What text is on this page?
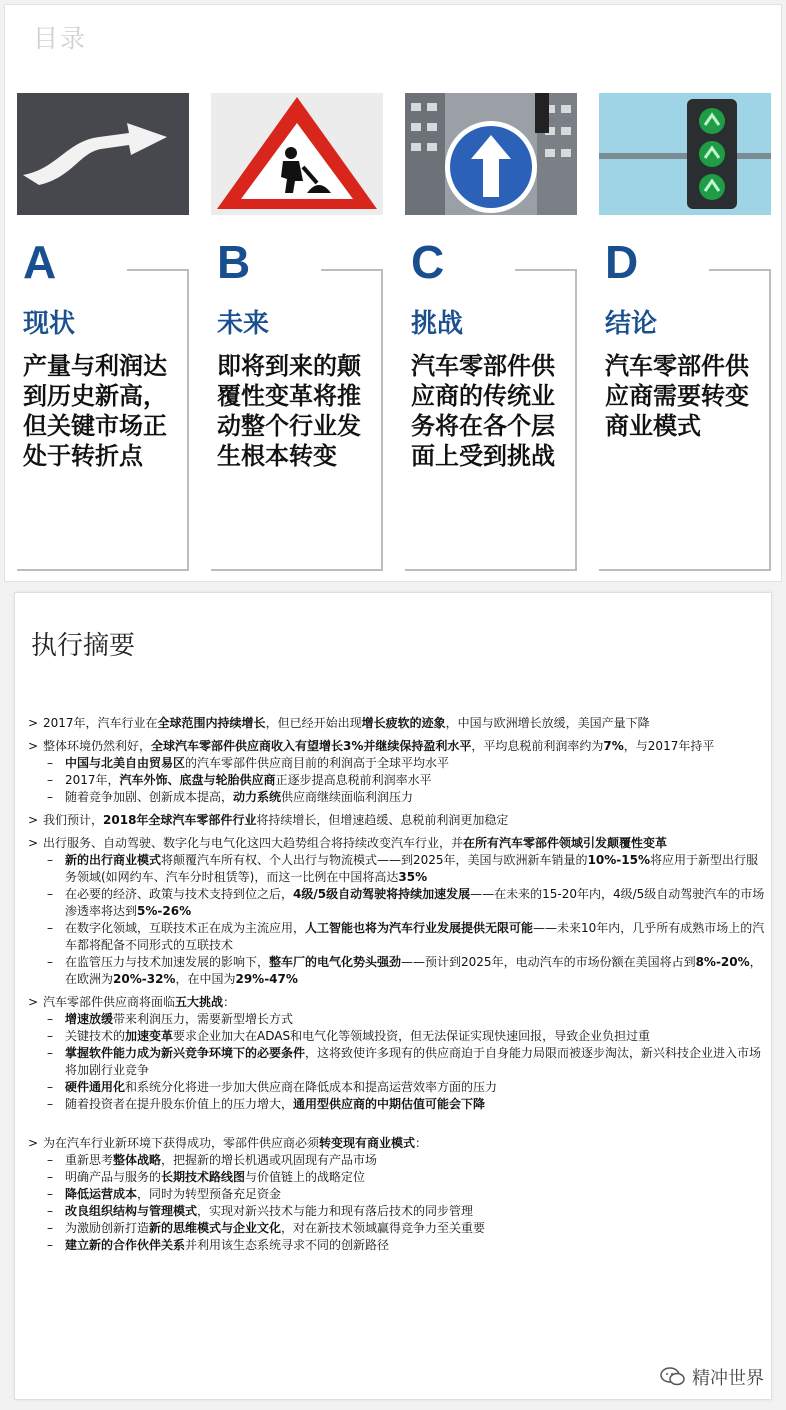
目录
A
现状
产量与利润达到历史新高，但关键市场正处于转折点
B
未来
即将到来的颠覆性变革将推动整个行业发生根本转变
C
挑战
汽车零部件供应商的传统业务将在各个层面上受到挑战
D
结论
汽车零部件供应商需要转变商业模式
执行摘要
> 2017年，汽车行业在全球范围内持续增长，但已经开始出现增长疲软的迹象，中国与欧洲增长放缓，美国产量下降
> 整体环境仍然利好，全球汽车零部件供应商收入有望增长3%并继续保持盈利水平，平均息税前利润率约为7%，与2017年持平
– 中国与北美自由贸易区的汽车零部件供应商目前的利润高于全球平均水平
– 2017年，汽车外饰、底盘与轮胎供应商正逐步提高息税前利润率水平
– 随着竞争加剧、创新成本提高，动力系统供应商继续面临利润压力
> 我们预计，2018年全球汽车零部件行业将持续增长，但增速趋缓、息税前利润更加稳定
> 出行服务、自动驾驶、数字化与电气化这四大趋势组合将持续改变汽车行业，并在所有汽车零部件领域引发颠覆性变革
– 新的出行商业模式将颠覆汽车所有权、个人出行与物流模式——到2025年，美国与欧洲新车销量的10%-15%将应用于新型出行服务领域(如网约车、汽车分时租赁等)，而这一比例在中国将高达35%
– 在必要的经济、政策与技术支持到位之后，4级/5级自动驾驶将持续加速发展——在未来的15-20年内，4级/5级自动驾驶汽车的市场渗透率将达到5%-26%
– 在数字化领域，互联技术正在成为主流应用，人工智能也将为汽车行业发展提供无限可能——未来10年内，几乎所有成熟市场上的汽车都将配备不同形式的互联技术
– 在监管压力与技术加速发展的影响下，整车厂的电气化势头强劲——预计到2025年，电动汽车的市场份额在美国将占到8%-20%，在欧洲为20%-32%，在中国为29%-47%
> 汽车零部件供应商将面临五大挑战：
– 增速放缓带来利润压力，需要新型增长方式
– 关键技术的加速变革要求企业加大在ADAS和电气化等领域投资，但无法保证实现快速回报，导致企业负担过重
– 掌握软件能力成为新兴竞争环境下的必要条件，这将致使许多现有的供应商迫于自身能力局限而被逐步淘汰，新兴科技企业进入市场将加剧行业竞争
– 硬件通用化和系统分化将进一步加大供应商在降低成本和提高运营效率方面的压力
– 随着投资者在提升股东价值上的压力增大，通用型供应商的中期估值可能会下降
> 为在汽车行业新环境下获得成功，零部件供应商必须转变现有商业模式：
– 重新思考整体战略，把握新的增长机遇或巩固现有产品市场
– 明确产品与服务的长期技术路线图与价值链上的战略定位
– 降低运营成本，同时为转型预备充足资金
– 改良组织结构与管理模式，实现对新兴技术与能力和现有落后技术的同步管理
– 为激励创新打造新的思维模式与企业文化，对在新技术领域赢得竞争力至关重要
– 建立新的合作伙伴关系并利用该生态系统寻求不同的创新路径
精冲世界
